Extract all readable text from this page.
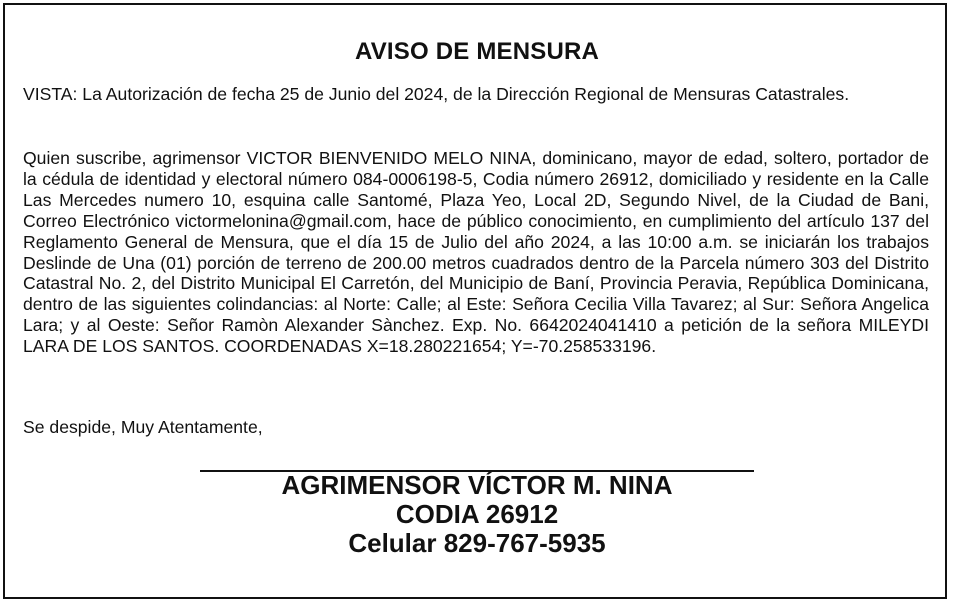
AVISO DE MENSURA

VISTA: La Autorización de fecha 25 de Junio del 2024, de la Dirección Regional de Mensuras Catastrales.

Quien suscribe, agrimensor VICTOR BIENVENIDO MELO NINA, dominicano, mayor de edad, soltero, portador de la cédula de identidad y electoral número 084-0006198-5, Codia número 26912, domiciliado y residente en la Calle Las Mercedes numero 10, esquina calle Santomé, Plaza Yeo, Local 2D, Segundo Nivel, de la Ciudad de Bani, Correo Electrónico victormelonina@gmail.com, hace de público conocimiento, en cumplimiento del artículo 137 del Reglamento General de Mensura, que el día 15 de Julio del año 2024, a las 10:00 a.m. se iniciarán los trabajos Deslinde de Una (01) porción de terreno de 200.00 metros cuadrados dentro de la Parcela número 303 del Distrito Catastral No. 2, del Distrito Municipal El Carretón, del Municipio de Baní, Provincia Peravia, República Dominicana, dentro de las siguientes colindancias: al Norte: Calle; al Este: Señora Cecilia Villa Tavarez; al Sur: Señora Angelica Lara; y al Oeste: Señor Ramòn Alexander Sànchez. Exp. No. 6642024041410 a petición de la señora MILEYDI LARA DE LOS SANTOS. COORDENADAS X=18.280221654; Y=-70.258533196.

Se despide, Muy Atentamente,

AGRIMENSOR VÍCTOR M. NINA
CODIA 26912
Celular 829-767-5935
